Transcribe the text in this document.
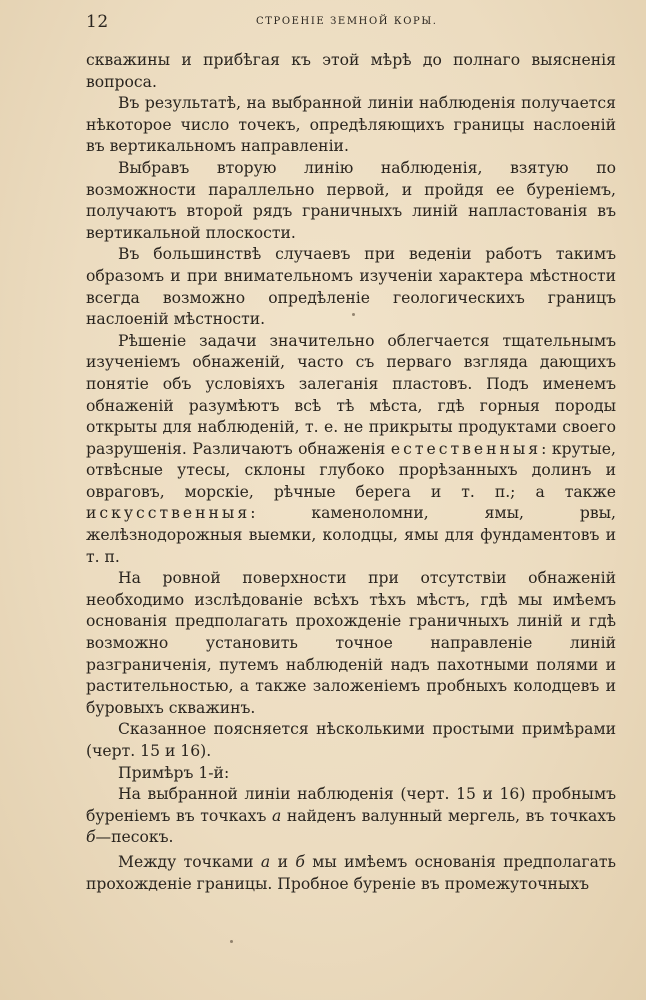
12	СТРОЕНІЕ ЗЕМНОЙ КОРЫ.

скважины и прибѣгая къ этой мѣрѣ до полнаго выясненія вопроса.

Въ результатѣ, на выбранной линіи наблюденія получается нѣкоторое число точекъ, опредѣляющихъ границы наслоеній въ вертикальномъ направленіи.

Выбравъ вторую линію наблюденія, взятую по возможности параллельно первой, и пройдя ее буреніемъ, получаютъ второй рядъ граничныхъ линій напластованія въ вертикальной плоскости.

Въ большинствѣ случаевъ при веденіи работъ такимъ образомъ и при внимательномъ изученіи характера мѣстности всегда возможно опредѣленіе геологическихъ границъ наслоеній мѣстности.

Рѣшеніе задачи значительно облегчается тщательнымъ изученіемъ обнаженій, часто съ перваго взгляда дающихъ понятіе объ условіяхъ залеганія пластовъ. Подъ именемъ обнаженій разумѣютъ всѣ тѣ мѣста, гдѣ горныя породы открыты для наблюденій, т. е. не прикрыты продуктами своего разрушенія. Различаютъ обнаженія естественныя: крутые, отвѣсные утесы, склоны глубоко прорѣзанныхъ долинъ и овраговъ, морскіе, рѣчные берега и т. п.; а также искусственныя: каменоломни, ямы, рвы, желѣзнодорожныя выемки, колодцы, ямы для фундаментовъ и т. п.

На ровной поверхности при отсутствіи обнаженій необходимо изслѣдованіе всѣхъ тѣхъ мѣстъ, гдѣ мы имѣемъ основанія предполагать прохожденіе граничныхъ линій и гдѣ возможно установить точное направленіе линій разграниченія, путемъ наблюденій надъ пахотными полями и растительностью, а также заложеніемъ пробныхъ колодцевъ и буровыхъ скважинъ.

Сказанное поясняется нѣсколькими простыми примѣрами (черт. 15 и 16).

Примѣръ 1-й:

На выбранной линіи наблюденія (черт. 15 и 16) пробнымъ буреніемъ въ точкахъ а найденъ валунный мергель, въ точкахъ б—песокъ.

Между точками а и б мы имѣемъ основанія предполагать прохожденіе границы. Пробное буреніе въ промежуточныхъ
